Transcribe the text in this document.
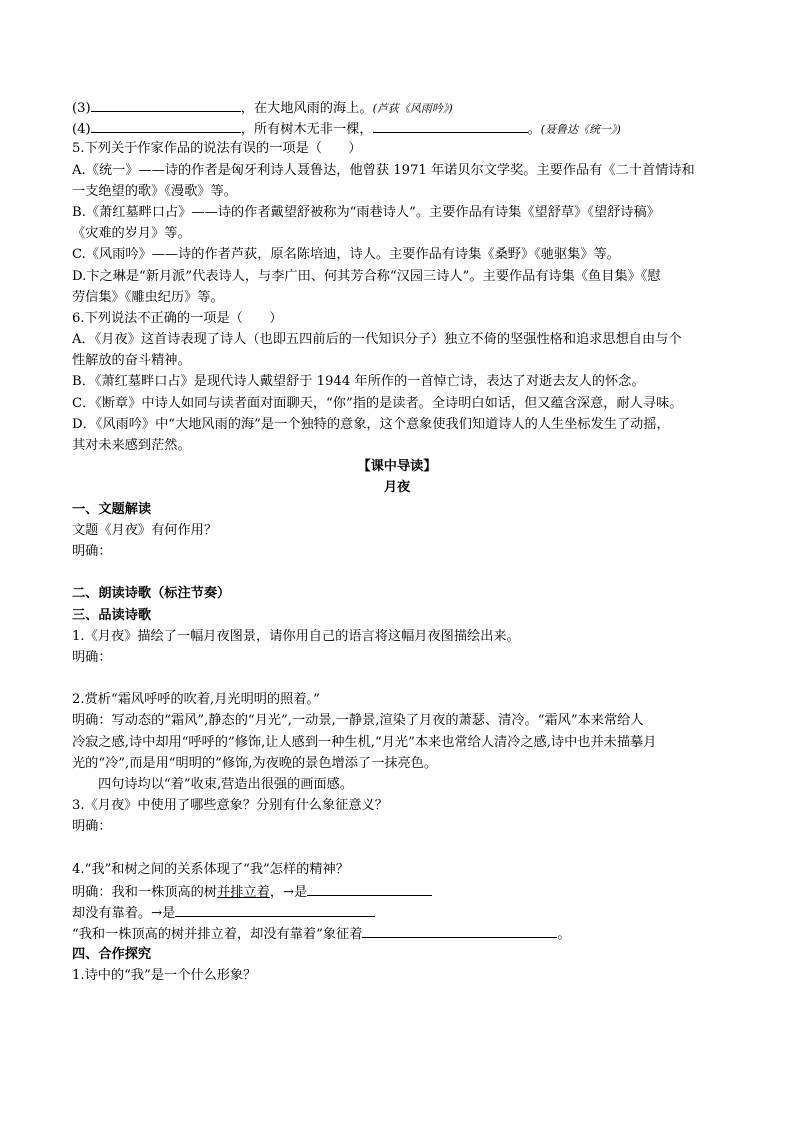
(3)	，在大地风雨的海上。(芦荻《风雨吟》)
(4)	，所有树木无非一棵，	。(聂鲁达《统一》)
5.下列关于作家作品的说法有误的一项是（　　）
A.《统一》——诗的作者是匈牙利诗人聂鲁达，他曾获 1971 年诺贝尔文学奖。主要作品有《二十首情诗和
一支绝望的歌》《漫歌》等。
B.《萧红墓畔口占》——诗的作者戴望舒被称为“雨巷诗人”。主要作品有诗集《望舒草》《望舒诗稿》
《灾难的岁月》等。
C.《风雨吟》——诗的作者芦荻，原名陈培迪，诗人。主要作品有诗集《桑野》《驰驱集》等。
D.卞之琳是“新月派”代表诗人，与李广田、何其芳合称“汉园三诗人”。主要作品有诗集《鱼目集》《慰
劳信集》《雕虫纪历》等。
6.下列说法不正确的一项是（　　）
A．《月夜》这首诗表现了诗人（也即五四前后的一代知识分子）独立不倚的坚强性格和追求思想自由与个
性解放的奋斗精神。
B．《萧红墓畔口占》是现代诗人戴望舒于 1944 年所作的一首悼亡诗，表达了对逝去友人的怀念。
C．《断章》中诗人如同与读者面对面聊天，“你”指的是读者。全诗明白如话，但又蕴含深意，耐人寻味。
D．《风雨吟》中“大地风雨的海”是一个独特的意象，这个意象使我们知道诗人的人生坐标发生了动摇，
其对未来感到茫然。
【课中导读】
月夜
一、文题解读
文题《月夜》有何作用？
明确：
二、朗读诗歌（标注节奏）
三、品读诗歌
1.《月夜》描绘了一幅月夜图景，请你用自己的语言将这幅月夜图描绘出来。
明确：
2.赏析“霜风呼呼的吹着,月光明明的照着。”
明确：写动态的“霜风”,静态的“月光”,一动景,一静景,渲染了月夜的萧瑟、清冷。“霜风”本来常给人
冷寂之感,诗中却用“呼呼的”修饰,让人感到一种生机,“月光”本来也常给人清冷之感,诗中也并未描摹月
光的“冷”,而是用“明明的”修饰,为夜晚的景色增添了一抹亮色。
四句诗均以“着”收束,营造出很强的画面感。
3.《月夜》中使用了哪些意象？分别有什么象征意义？
明确：
4.“我”和树之间的关系体现了“我”怎样的精神？
明确：我和一株顶高的树并排立着，→是
却没有靠着。→是
“我和一株顶高的树并排立着，却没有靠着”象征着	。
四、合作探究
1.诗中的“我”是一个什么形象？
